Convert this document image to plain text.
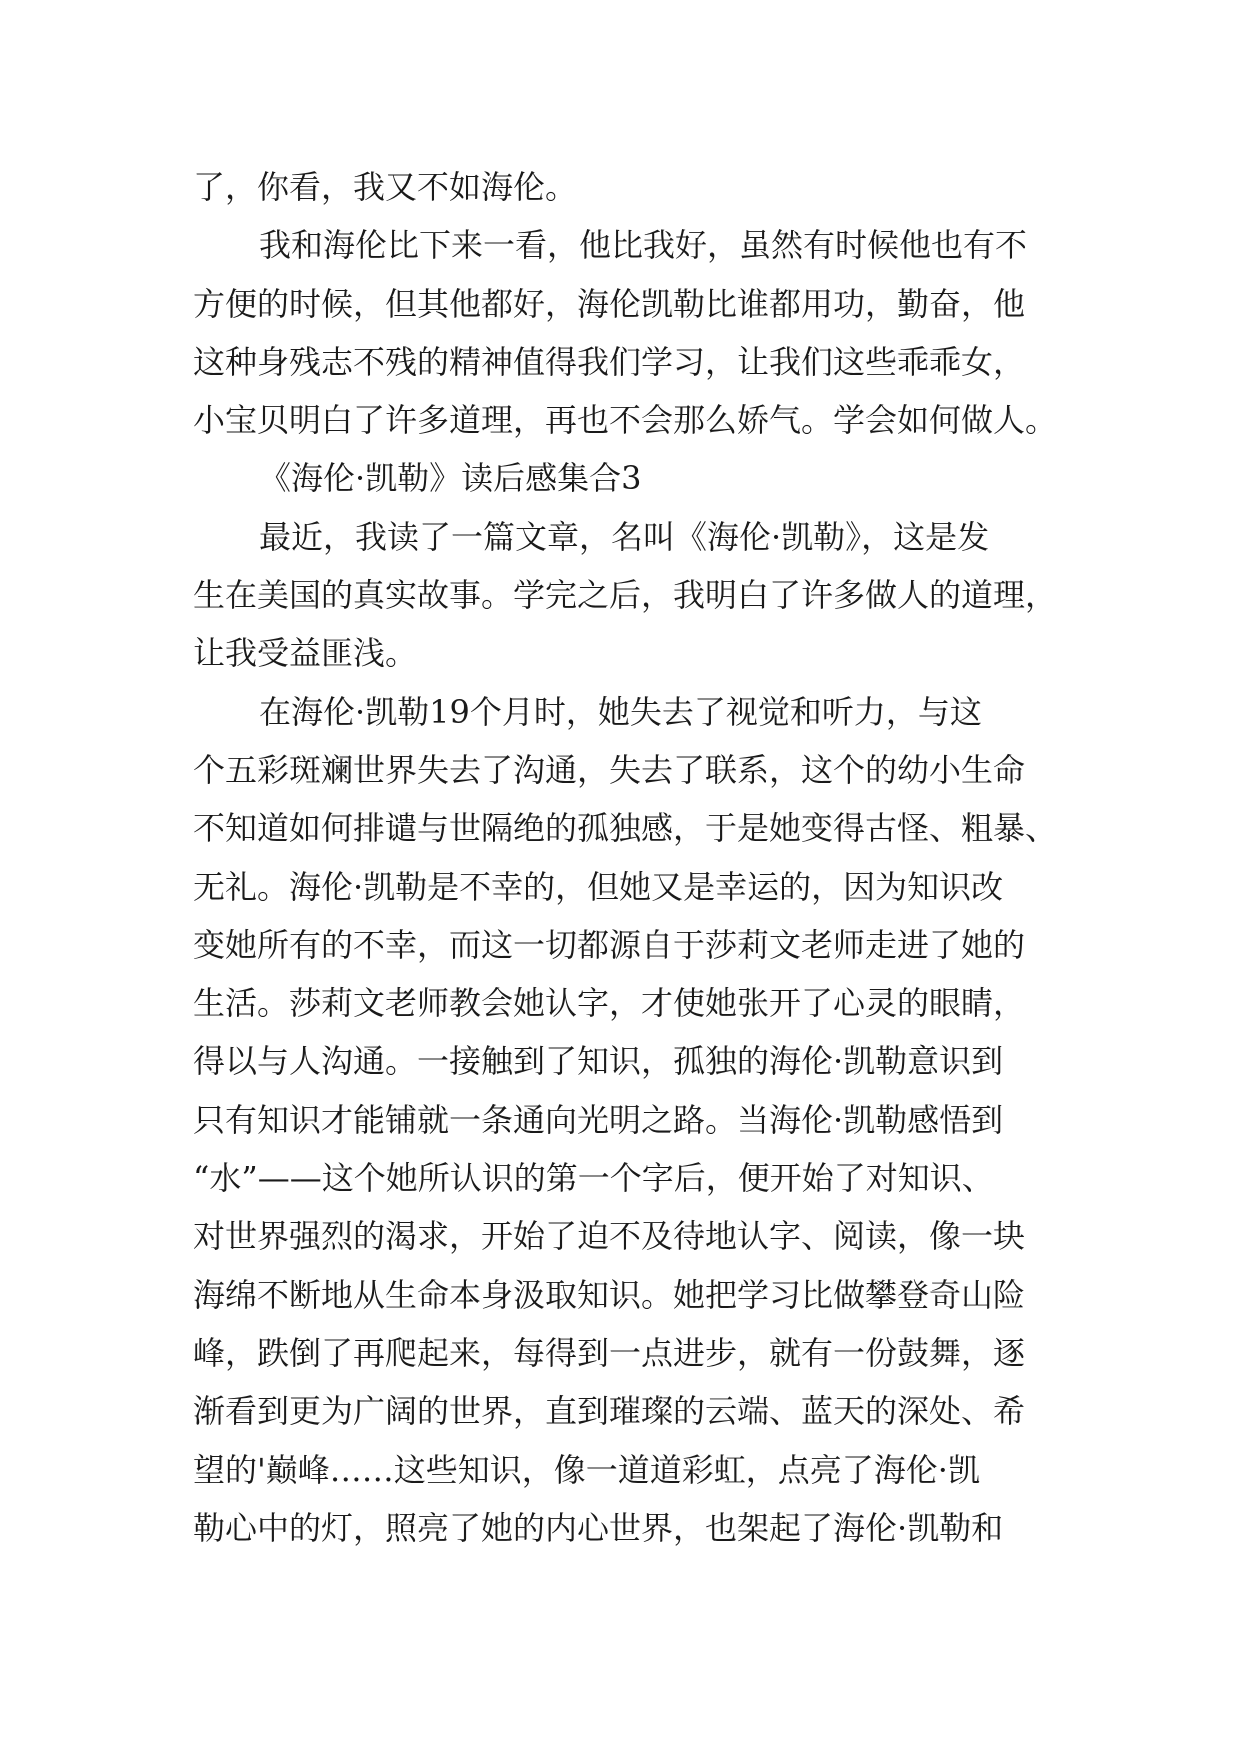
了，你看，我又不如海伦。
我和海伦比下来一看，他比我好，虽然有时候他也有不
方便的时候，但其他都好，海伦凯勒比谁都用功，勤奋，他
这种身残志不残的精神值得我们学习，让我们这些乖乖女，
小宝贝明白了许多道理，再也不会那么娇气。学会如何做人。
《海伦·凯勒》读后感集合3
最近，我读了一篇文章，名叫《海伦·凯勒》，这是发
生在美国的真实故事。学完之后，我明白了许多做人的道理，
让我受益匪浅。
在海伦·凯勒19个月时，她失去了视觉和听力，与这
个五彩斑斓世界失去了沟通，失去了联系，这个的幼小生命
不知道如何排谴与世隔绝的孤独感，于是她变得古怪、粗暴、
无礼。海伦·凯勒是不幸的，但她又是幸运的，因为知识改
变她所有的不幸，而这一切都源自于莎莉文老师走进了她的
生活。莎莉文老师教会她认字，才使她张开了心灵的眼睛，
得以与人沟通。一接触到了知识，孤独的海伦·凯勒意识到
只有知识才能铺就一条通向光明之路。当海伦·凯勒感悟到
“水”——这个她所认识的第一个字后，便开始了对知识、
对世界强烈的渴求，开始了迫不及待地认字、阅读，像一块
海绵不断地从生命本身汲取知识。她把学习比做攀登奇山险
峰，跌倒了再爬起来，每得到一点进步，就有一份鼓舞，逐
渐看到更为广阔的世界，直到璀璨的云端、蓝天的深处、希
望的'巅峰……这些知识，像一道道彩虹，点亮了海伦·凯
勒心中的灯，照亮了她的内心世界，也架起了海伦·凯勒和
